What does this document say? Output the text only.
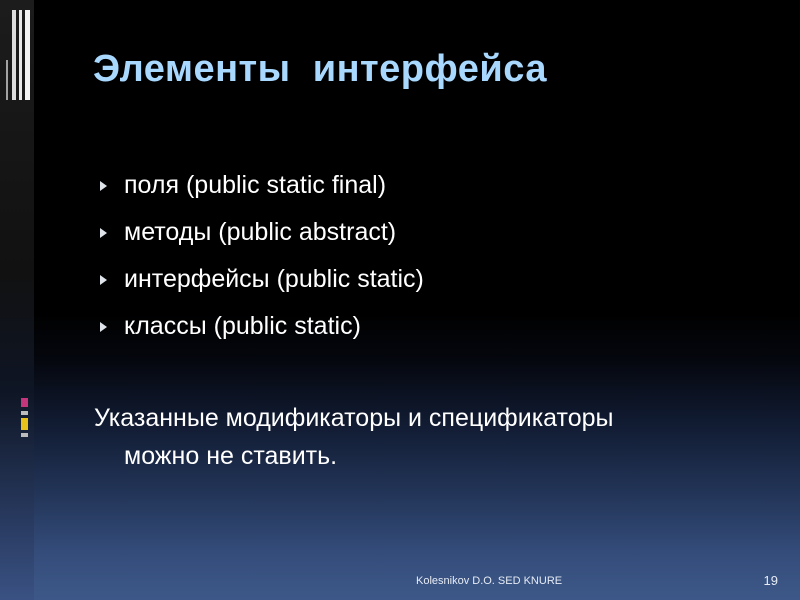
Элементы  интерфейса
поля (public static final)
методы (public abstract)
интерфейсы (public static)
классы (public static)

Указанные модификаторы и спецификаторы
можно не ставить.

Kolesnikov D.O. SED KNURE	19
